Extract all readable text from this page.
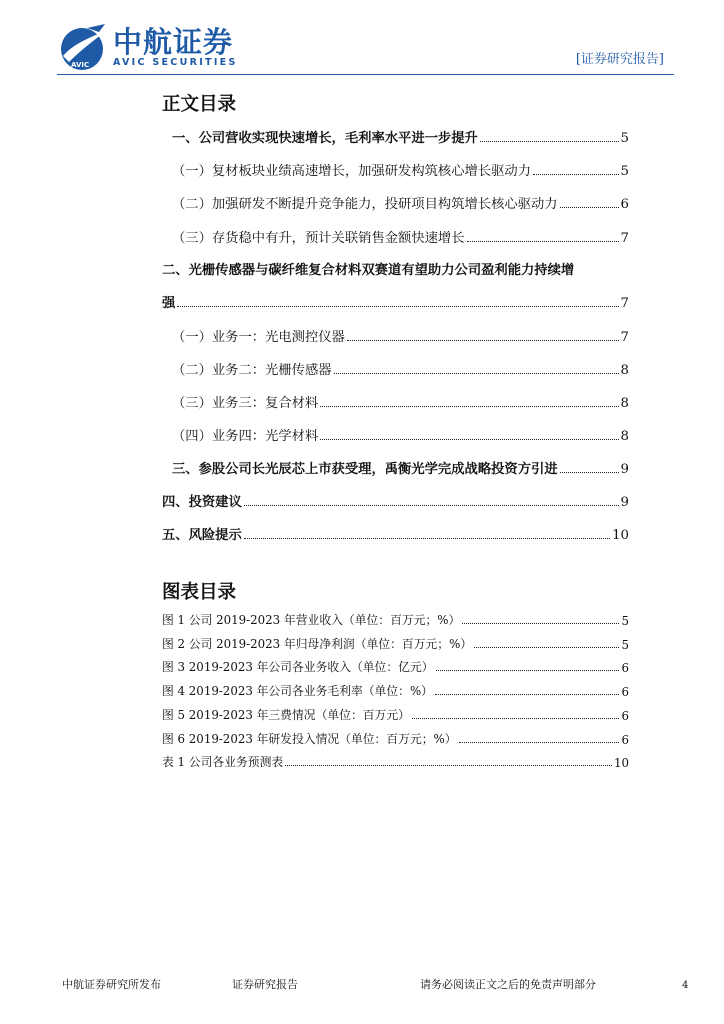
AVIC
中航证券
AVIC SECURITIES	[证券研究报告]
正文目录
一、公司营收实现快速增长，毛利率水平进一步提升	5
（一）复材板块业绩高速增长，加强研发构筑核心增长驱动力	5
（二）加强研发不断提升竞争能力，投研项目构筑增长核心驱动力	6
（三）存货稳中有升，预计关联销售金额快速增长	7
二、光栅传感器与碳纤维复合材料双赛道有望助力公司盈利能力持续增
强	7
（一）业务一：光电测控仪器	7
（二）业务二：光栅传感器	8
（三）业务三：复合材料	8
（四）业务四：光学材料	8
三、参股公司长光辰芯上市获受理，禹衡光学完成战略投资方引进	9
四、投资建议	9
五、风险提示	10
图表目录
图 1 公司 2019-2023 年营业收入（单位：百万元；%）	5
图 2 公司 2019-2023 年归母净利润（单位：百万元；%）	5
图 3 2019-2023 年公司各业务收入（单位：亿元）	6
图 4 2019-2023 年公司各业务毛利率（单位：%）	6
图 5 2019-2023 年三费情况（单位：百万元）	6
图 6 2019-2023 年研发投入情况（单位：百万元；%）	6
表 1 公司各业务预测表	10
中航证券研究所发布	证券研究报告	请务必阅读正文之后的免责声明部分	4
